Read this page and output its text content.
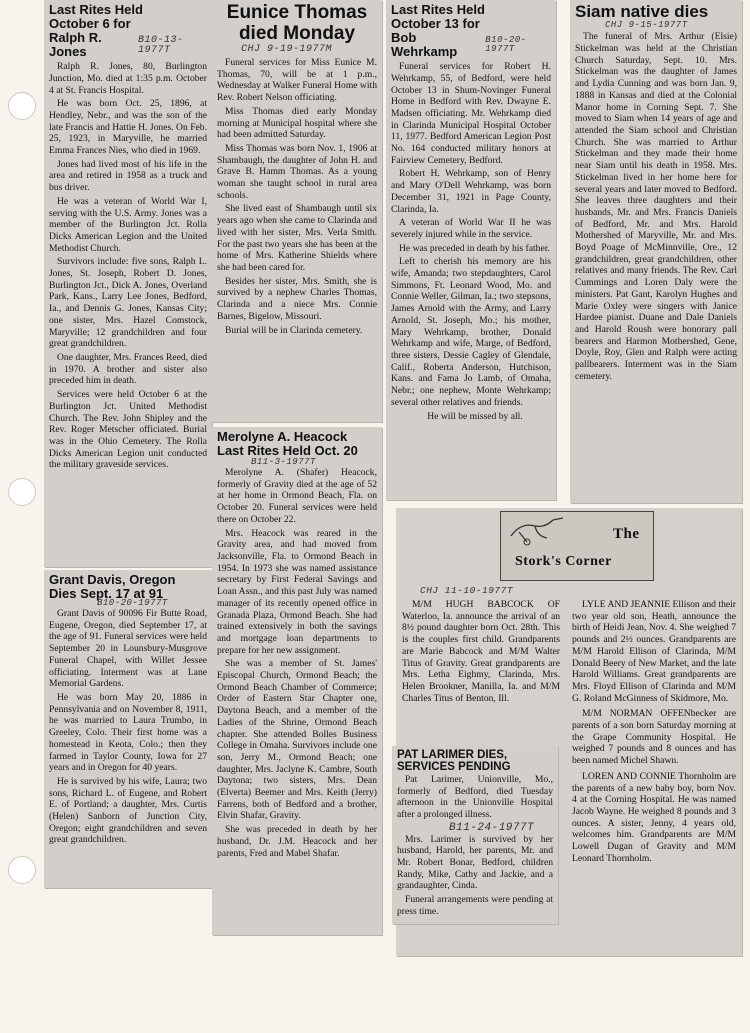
Last Rites Held
October 6 for
Ralph R. Jones
B10-13-1977T

Ralph R. Jones, 80, Burlington Junction, Mo. died at 1:35 p.m. October 4 at St. Francis Hospital.

He was born Oct. 25, 1896, at Hendley, Nebr., and was the son of the late Francis and Hattie H. Jones. On Feb. 25, 1923, in Maryville, he married Emma Frances Nies, who died in 1969.

Jones had lived most of his life in the area and retired in 1958 as a truck and bus driver.

He was a veteran of World War I, serving with the U.S. Army. Jones was a member of the Burlington Jct. Rolla Dicks American Legion and the United Methodist Church.

Survivors include: five sons, Ralph L. Jones, St. Joseph, Robert D. Jones, Burlington Jct., Dick A. Jones, Overland Park, Kans., Larry Lee Jones, Bedford, Ia., and Dennis G. Jones, Kansas City; one sister, Mrs. Hazel Comstock, Maryville; 12 grandchildren and four great grandchildren.

One daughter, Mrs. Frances Reed, died in 1970. A brother and sister also preceded him in death.

Services were held October 6 at the Burlington Jct. United Methodist Church. The Rev. John Shipley and the Rev. Roger Metscher officiated. Burial was in the Ohio Cemetery. The Rolla Dicks American Legion unit conducted the military graveside services.

Grant Davis, Oregon
Dies Sept. 17 at 91
B10-20-1977T

Grant Davis of 90096 Fir Butte Road, Eugene, Oregon, died September 17, at the age of 91. Funeral services were held September 20 in Lounsbury-Musgrove Funeral Chapel, with Willet Jessee officiating. Interment was at Lane Memorial Gardens.

He was born May 20, 1886 in Pennsylvania and on November 8, 1911, he was married to Laura Trumbo, in Greeley, Colo. Their first home was a homestead in Keota, Colo.; then they farmed in Taylor County, Iowa for 27 years and in Oregon for 40 years.

He is survived by his wife, Laura; two sons, Richard L. of Eugene, and Robert E. of Portland; a daughter, Mrs. Curtis (Helen) Sanborn of Junction City, Oregon; eight grandchildren and seven great grandchildren.

Eunice Thomas
died Monday
CHJ 9-19-1977M

Funeral services for Miss Eunice M. Thomas, 70, will be at 1 p.m., Wednesday at Walker Funeral Home with Rev. Robert Nelson officiating.

Miss Thomas died early Monday morning at Municipal hospital where she had been admitted Saturday.

Miss Thomas was born Nov. 1, 1906 at Shambaugh, the daughter of John H. and Grave B. Hamm Thomas. As a young woman she taught school in rural area schools.

She lived east of Shambaugh until six years ago when she came to Clarinda and lived with her sister, Mrs. Verla Smith. For the past two years she has been at the home of Mrs. Katherine Shields where she had been cared for.

Besides her sister, Mrs. Smith, she is survived by a nephew Charles Thomas, Clarinda and a niece Mrs. Connie Barnes, Bigelow, Missouri.

Burial will be in Clarinda cemetery.

Merolyne A. Heacock
Last Rites Held Oct. 20
B11-3-1977T

Merolyne A. (Shafer) Heacock, formerly of Gravity died at the age of 52 at her home in Ormond Beach, Fla. on October 20. Funeral services were held there on October 22.

Mrs. Heacock was reared in the Gravity area, and had moved from Jacksonville, Fla. to Ormond Beach in 1954. In 1973 she was named assistance secretary by First Federal Savings and Loan Assn., and this past July was named manager of its recently opened office in Granada Plaza, Ormond Beach. She had trained extensively in both the savings and mortgage loan departments to prepare for her new assignment.

She was a member of St. James' Episcopal Church, Ormond Beach; the Ormond Beach Chamber of Commerce; Order of Eastern Star Chapter one, Daytona Beach, and a member of the Ladies of the Shrine, Ormond Beach chapter. She attended Bolles Business College in Omaha. Survivors include one son, Jerry M., Ormond Beach; one daughter, Mrs. Jaclyne K. Cambre, South Daytona; two sisters, Mrs. Dean (Elverta) Beemer and Mrs. Keith (Jerry) Farrens, both of Bedford and a brother, Elvin Shafar, Gravity.

She was preceded in death by her husband, Dr. J.M. Heacock and her parents, Fred and Mabel Shafar.

Last Rites Held
October 13 for
Bob Wehrkamp
B10-20-1977T

Funeral services for Robert H. Wehrkamp, 55, of Bedford, were held October 13 in Shum-Novinger Funeral Home in Bedford with Rev. Dwayne E. Madsen officiating. Mr. Wehrkamp died in Clarinda Municipal Hospital October 11, 1977. Bedford American Legion Post No. 164 conducted military honors at Fairview Cemetery, Bedford.

Robert H. Wehrkamp, son of Henry and Mary O'Dell Wehrkamp, was born December 31, 1921 in Page County, Clarinda, Ia.

A veteran of World War II he was severely injured while in the service.

He was preceded in death by his father.

Left to cherish his memory are his wife, Amanda; two stepdaughters, Carol Simmons, Ft. Leonard Wood, Mo. and Connie Weller, Gilman, Ia.; two stepsons, James Arnold with the Army, and Larry Arnold, St. Joseph, Mo.; his mother, Mary Wehrkamp, brother, Donald Wehrkamp and wife, Marge, of Bedford, three sisters, Dessie Cagley of Glendale, Calif., Roberta Anderson, Hutchison, Kans. and Fama Jo Lamb, of Omaha, Nebr.; one nephew, Monte Wehrkamp; several other relatives and friends.

He will be missed by all.

Siam native dies
CHJ 9-15-1977T

The funeral of Mrs. Arthur (Elsie) Stickelman was held at the Christian Church Saturday, Sept. 10. Mrs. Stickelman was the daughter of James and Lydia Cunning and was born Jan. 9, 1888 in Kansas and died at the Colonial Manor home in Corning Sept. 7. She moved to Siam when 14 years of age and attended the Siam school and Christian Church. She was married to Arthur Stickelman and they made their home near Siam until his death in 1958. Mrs. Stickelman lived in her home here for several years and later moved to Bedford. She leaves three daughters and their husbands, Mr. and Mrs. Francis Daniels of Bedford, Mr. and Mrs. Harold Mothershed of Maryville, Mr. and Mrs. Boyd Poage of McMinnville, Ore., 12 grandchildren, great grandchildren, other relatives and many friends. The Rev. Carl Cummings and Loren Daly were the ministers. Pat Gant, Karolyn Hughes and Marie Oxley were singers with Janice Hardee pianist. Duane and Dale Daniels and Harold Roush were honorary pall bearers and Harmon Mothershed, Gene, Doyle, Roy, Glen and Ralph were acting pallbearers. Interment was in the Siam cemetery.

The
Stork's Corner
CHJ 11-10-1977T

M/M HUGH BABCOCK OF Waterloo, Ia. announce the arrival of an 8½ pound daughter born Oct. 28th. This is the couples first child. Grandparents are Marie Babcock and M/M Walter Titus of Gravity. Great grandparents are Mrs. Letha Eighmy, Clarinda, Mrs. Helen Brookner, Manilla, Ia. and M/M Charles Titus of Benton, Ill.

LYLE AND JEANNIE Ellison and their two year old son, Heath, announce the birth of Heidi Jean, Nov. 4. She weighed 7 pounds and 2½ ounces. Grandparents are M/M Harold Ellison of Clarinda, M/M Donald Beery of New Market, and the late Harold Williams. Great grandparents are Mrs. Floyd Ellison of Clarinda and M/M G. Roland McGinness of Skidmore, Mo.

M/M NORMAN OFFENbecker are parents of a son born Saturday morning at the Grape Community Hospital. He weighed 7 pounds and 8 ounces and has been named Michel Shawn.

LOREN AND CONNIE Thornholm are the parents of a new baby boy, born Nov. 4 at the Corning Hospital. He was named Jacob Wayne. He weighed 8 pounds and 3 ounces. A sister, Jenny, 4 years old, welcomes him. Grandparents are M/M Lowell Dugan of Gravity and M/M Leonard Thornholm.

PAT LARIMER DIES,
SERVICES PENDING

Pat Larimer, Unionville, Mo., formerly of Bedford, died Tuesday afternoon in the Unionville Hospital after a prolonged illness.

B11-24-1977T

Mrs. Larimer is survived by her husband, Harold, her parents, Mr. and Mr. Robert Bonar, Bedford, children Randy, Mike, Cathy and Jackie, and a grandaughter, Cinda.

Funeral arrangements were pending at press time.
